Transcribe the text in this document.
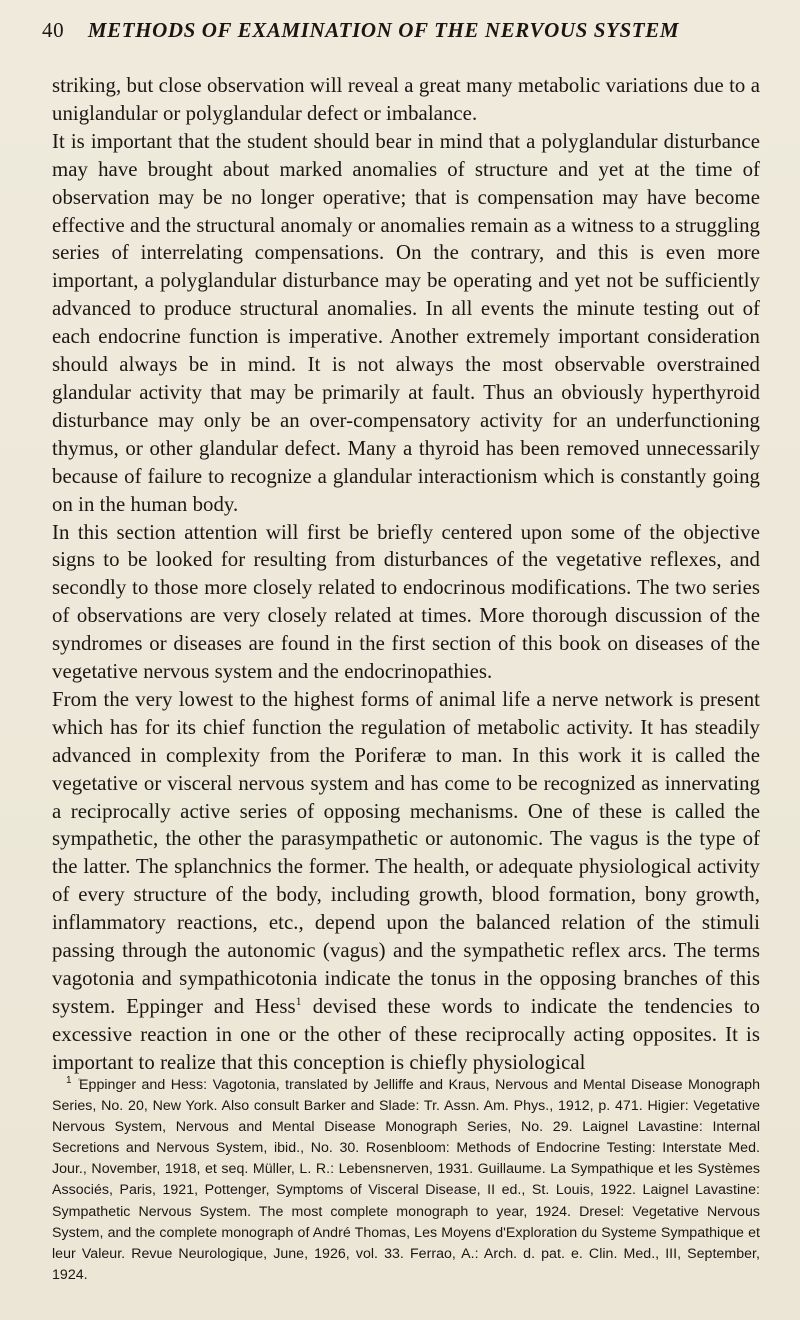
40 METHODS OF EXAMINATION OF THE NERVOUS SYSTEM

striking, but close observation will reveal a great many metabolic variations due to a uniglandular or polyglandular defect or imbalance.

It is important that the student should bear in mind that a polyglandular disturbance may have brought about marked anomalies of structure and yet at the time of observation may be no longer operative; that is compensation may have become effective and the structural anomaly or anomalies remain as a witness to a struggling series of interrelating compensations. On the contrary, and this is even more important, a polyglandular disturbance may be operating and yet not be sufficiently advanced to produce structural anomalies. In all events the minute testing out of each endocrine function is imperative. Another extremely important consideration should always be in mind. It is not always the most observable overstrained glandular activity that may be primarily at fault. Thus an obviously hyperthyroid disturbance may only be an over-compensatory activity for an underfunctioning thymus, or other glandular defect. Many a thyroid has been removed unnecessarily because of failure to recognize a glandular interactionism which is constantly going on in the human body.

In this section attention will first be briefly centered upon some of the objective signs to be looked for resulting from disturbances of the vegetative reflexes, and secondly to those more closely related to endocrinous modifications. The two series of observations are very closely related at times. More thorough discussion of the syndromes or diseases are found in the first section of this book on diseases of the vegetative nervous system and the endocrinopathies.

From the very lowest to the highest forms of animal life a nerve network is present which has for its chief function the regulation of metabolic activity. It has steadily advanced in complexity from the Poriferæ to man. In this work it is called the vegetative or visceral nervous system and has come to be recognized as innervating a reciprocally active series of opposing mechanisms. One of these is called the sympathetic, the other the parasympathetic or autonomic. The vagus is the type of the latter. The splanchnics the former. The health, or adequate physiological activity of every structure of the body, including growth, blood formation, bony growth, inflammatory reactions, etc., depend upon the balanced relation of the stimuli passing through the autonomic (vagus) and the sympathetic reflex arcs. The terms vagotonia and sympathicotonia indicate the tonus in the opposing branches of this system. Eppinger and Hess$^1$ devised these words to indicate the tendencies to excessive reaction in one or the other of these reciprocally acting opposites. It is important to realize that this conception is chiefly physiological

$^1$ Eppinger and Hess: Vagotonia, translated by Jelliffe and Kraus, Nervous and Mental Disease Monograph Series, No. 20, New York. Also consult Barker and Slade: Tr. Assn. Am. Phys., 1912, p. 471. Higier: Vegetative Nervous System, Nervous and Mental Disease Monograph Series, No. 29. Laignel Lavastine: Internal Secretions and Nervous System, ibid., No. 30. Rosenbloom: Methods of Endocrine Testing: Interstate Med. Jour., November, 1918, et seq. Müller, L. R.: Lebensnerven, 1931. Guillaume. La Sympathique et les Systèmes Associés, Paris, 1921, Pottenger, Symptoms of Visceral Disease, II ed., St. Louis, 1922. Laignel Lavastine: Sympathetic Nervous System. The most complete monograph to year, 1924. Dresel: Vegetative Nervous System, and the complete monograph of André Thomas, Les Moyens d'Exploration du Systeme Sympathique et leur Valeur. Revue Neurologique, June, 1926, vol. 33. Ferrao, A.: Arch. d. pat. e. Clin. Med., III, September, 1924.
